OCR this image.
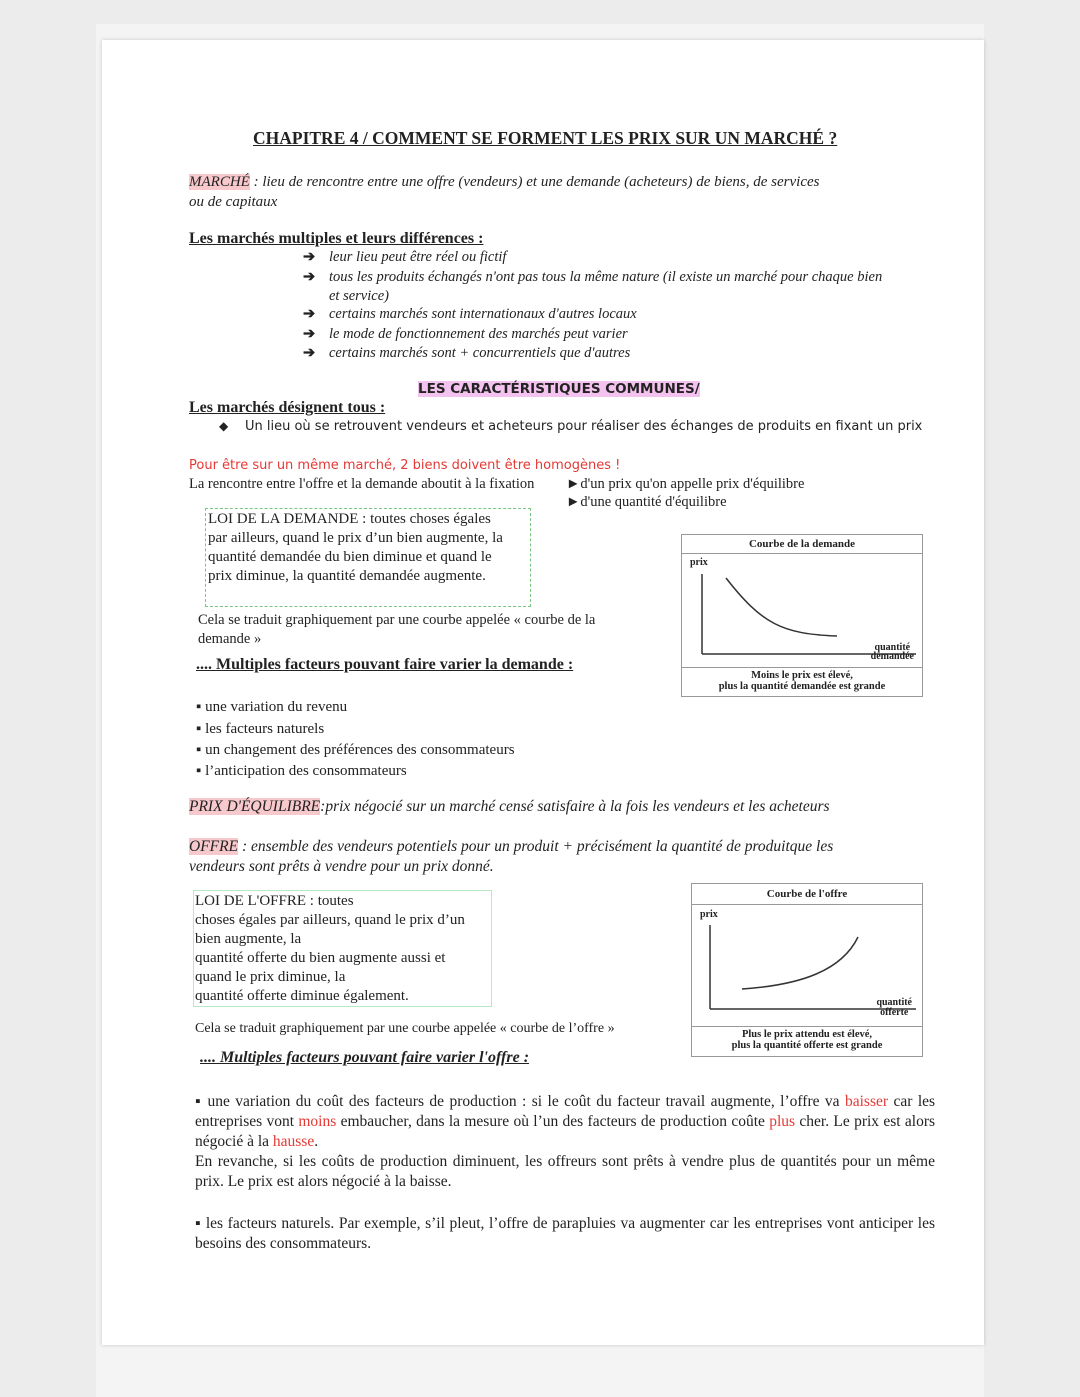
CHAPITRE 4 / COMMENT SE FORMENT LES PRIX SUR UN MARCHÉ ?
MARCHÉ : lieu de rencontre entre une offre (vendeurs) et une demande (acheteurs) de biens, de services
ou de capitaux
Les marchés multiples et leurs différences :
➔ leur lieu peut être réel ou fictif
➔ tous les produits échangés n'ont pas tous la même nature (il existe un marché pour chaque bien
et service)
➔ certains marchés sont internationaux d'autres locaux
➔ le mode de fonctionnement des marchés peut varier
➔ certains marchés sont + concurrentiels que d'autres
LES CARACTÉRISTIQUES COMMUNES/
Les marchés désignent tous :
◆ Un lieu où se retrouvent vendeurs et acheteurs pour réaliser des échanges de produits en fixant un prix
Pour être sur un même marché, 2 biens doivent être homogènes !
La rencontre entre l'offre et la demande aboutit à la fixation ►d'un prix qu'on appelle prix d'équilibre
►d'une quantité d'équilibre
LOI DE LA DEMANDE : toutes choses égales
par ailleurs, quand le prix d’un bien augmente, la
quantité demandée du bien diminue et quand le
prix diminue, la quantité demandée augmente.
Cela se traduit graphiquement par une courbe appelée « courbe de la
demande »
.... Multiples facteurs pouvant faire varier la demande :
Courbe de la demande
prix
quantité
demandée
Moins le prix est élevé,
plus la quantité demandée est grande
▪ une variation du revenu
▪ les facteurs naturels
▪ un changement des préférences des consommateurs
▪ l’anticipation des consommateurs
PRIX D'ÉQUILIBRE:prix négocié sur un marché censé satisfaire à la fois les vendeurs et les acheteurs
OFFRE : ensemble des vendeurs potentiels pour un produit + précisément la quantité de produitque les
vendeurs sont prêts à vendre pour un prix donné.
LOI DE L'OFFRE : toutes
choses égales par ailleurs, quand le prix d’un
bien augmente, la
quantité offerte du bien augmente aussi et
quand le prix diminue, la
quantité offerte diminue également.
Cela se traduit graphiquement par une courbe appelée « courbe de l’offre »
.... Multiples facteurs pouvant faire varier l'offre :
Courbe de l'offre
prix
quantité
offerte
Plus le prix attendu est élevé,
plus la quantité offerte est grande
▪ une variation du coût des facteurs de production : si le coût du facteur travail augmente, l’offre va baisser car les entreprises vont moins embaucher, dans la mesure où l’un des facteurs de production coûte plus cher. Le prix est alors négocié à la hausse.
En revanche, si les coûts de production diminuent, les offreurs sont prêts à vendre plus de quantités pour un même prix. Le prix est alors négocié à la baisse.
▪ les facteurs naturels. Par exemple, s’il pleut, l’offre de parapluies va augmenter car les entreprises vont anticiper les besoins des consommateurs.
